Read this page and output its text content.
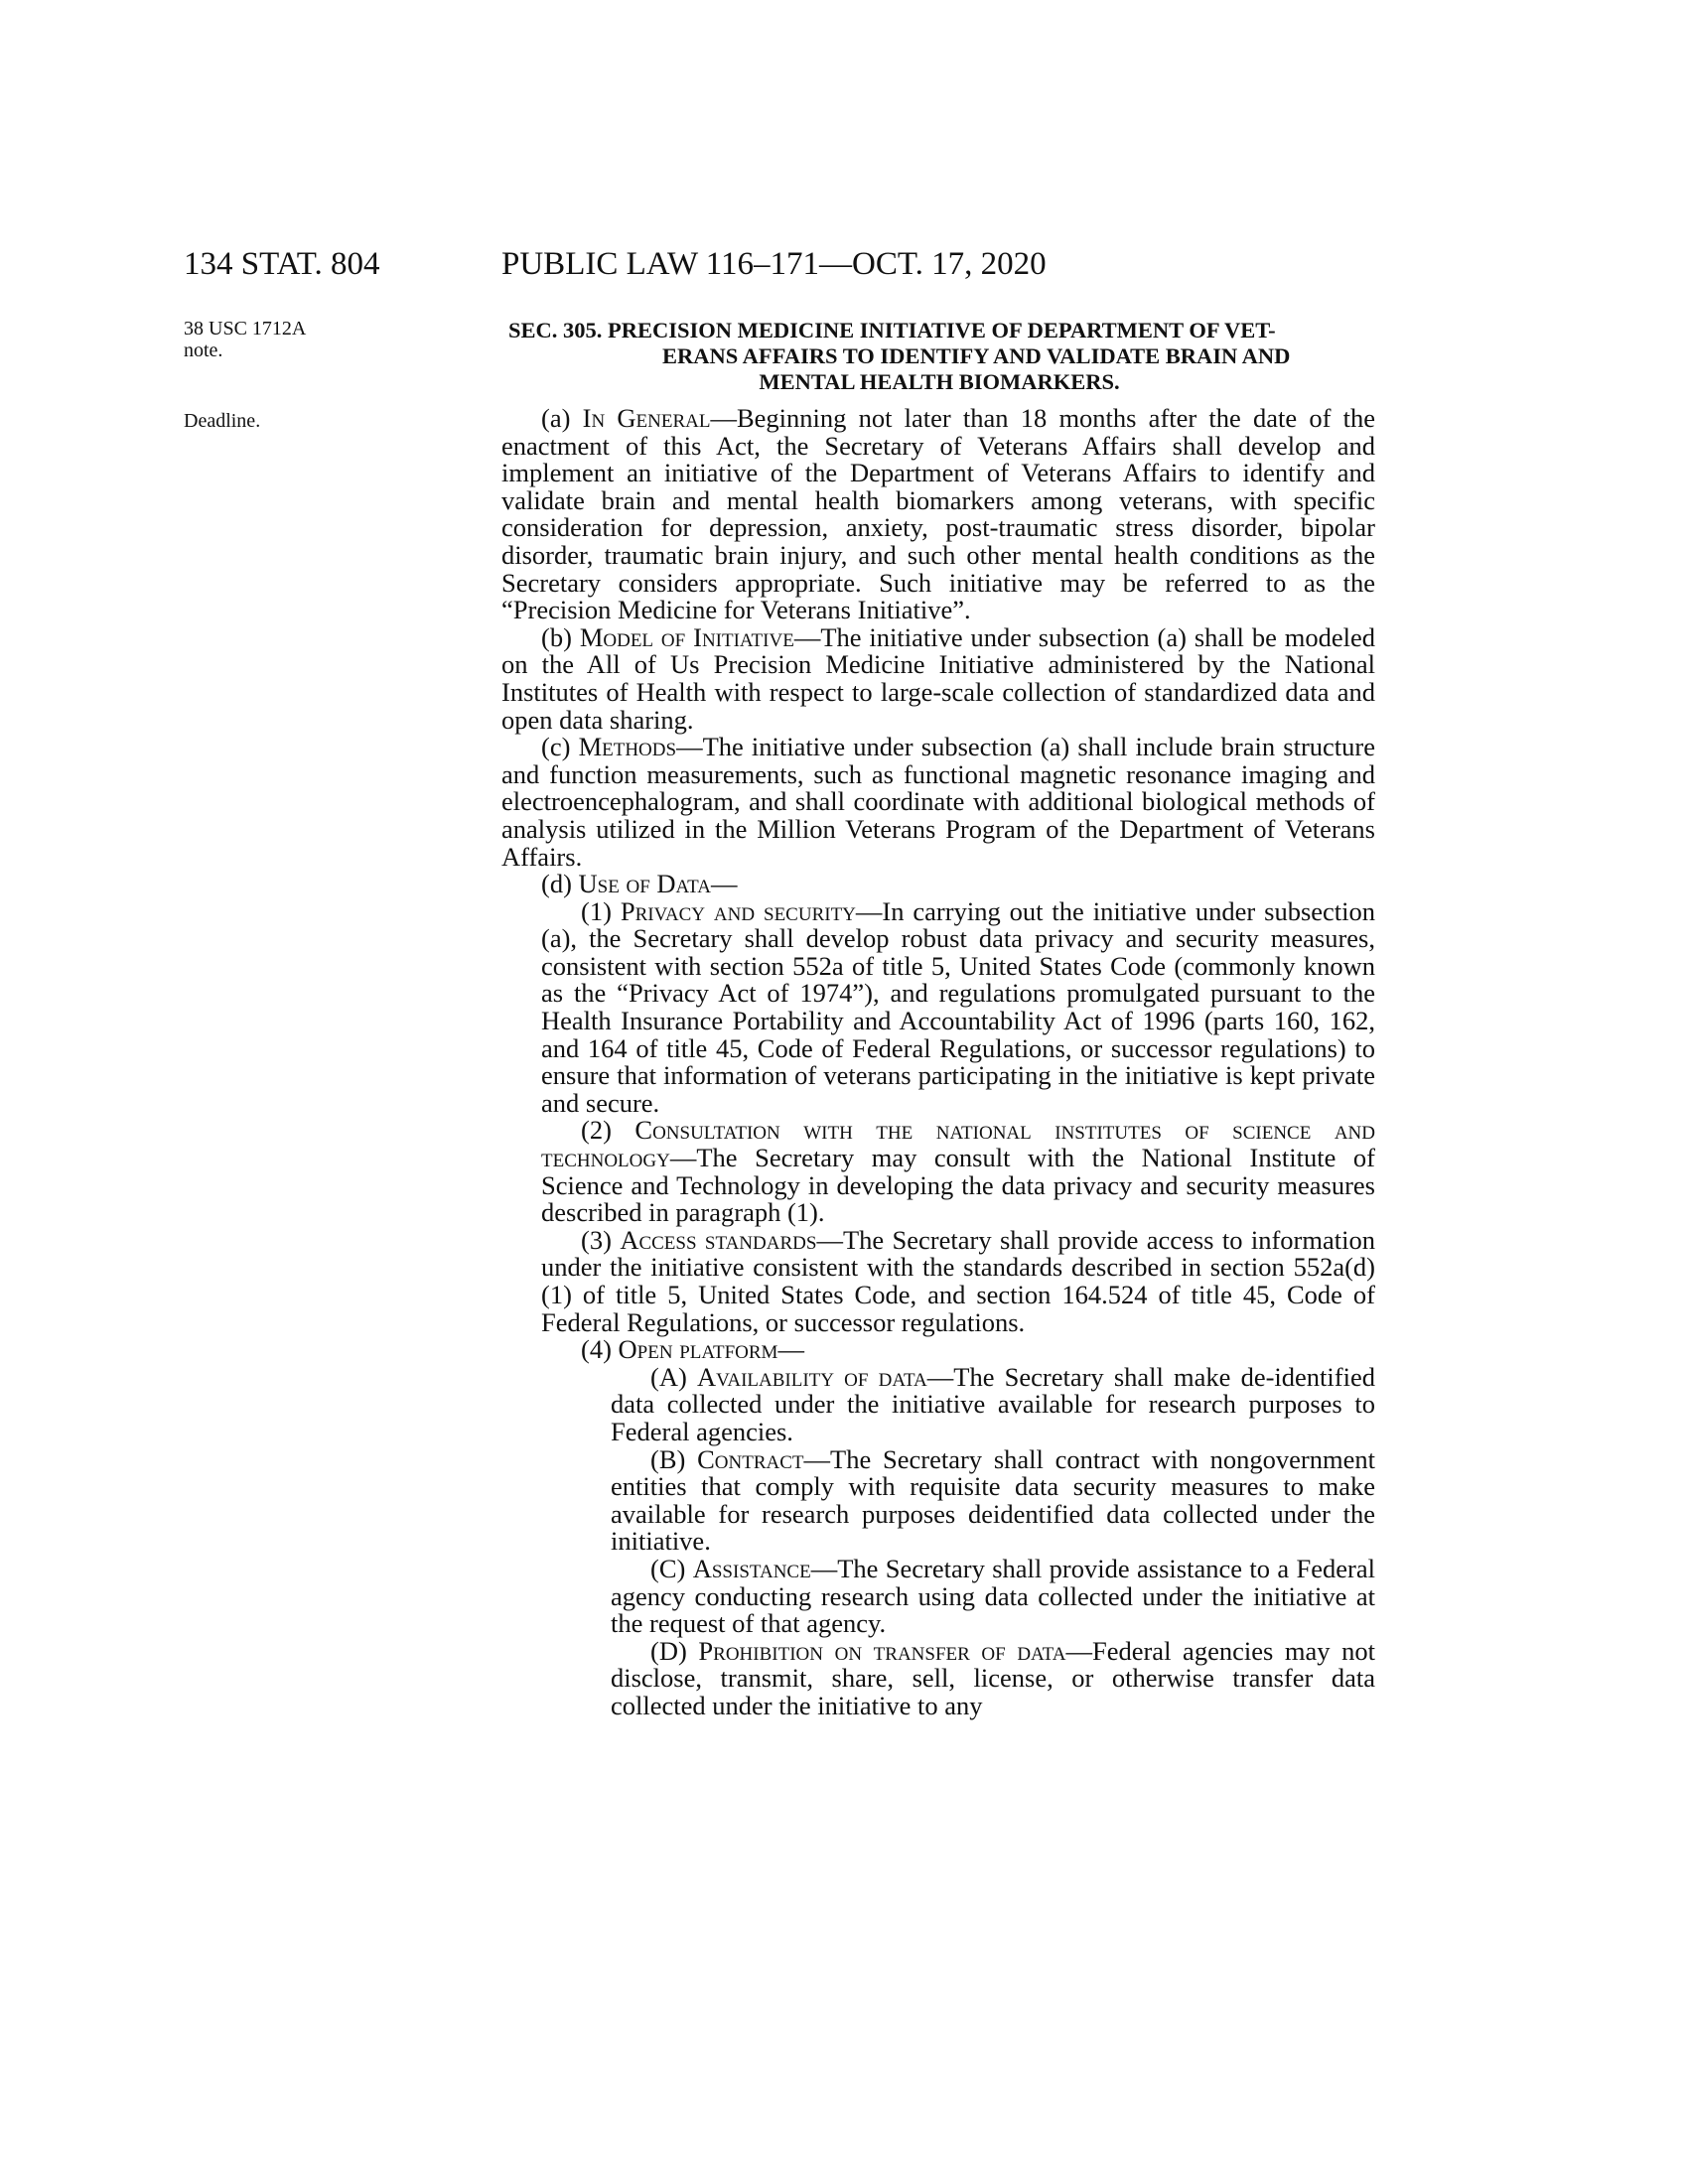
134 STAT. 804	PUBLIC LAW 116–171—OCT. 17, 2020
38 USC 1712A
note.
Deadline.
SEC. 305. PRECISION MEDICINE INITIATIVE OF DEPARTMENT OF VET-
ERANS AFFAIRS TO IDENTIFY AND VALIDATE BRAIN AND
MENTAL HEALTH BIOMARKERS.

(a) In General—Beginning not later than 18 months after the date of the enactment of this Act, the Secretary of Veterans Affairs shall develop and implement an initiative of the Department of Veterans Affairs to identify and validate brain and mental health biomarkers among veterans, with specific consideration for depression, anxiety, post-traumatic stress disorder, bipolar disorder, traumatic brain injury, and such other mental health conditions as the Secretary considers appropriate. Such initiative may be referred to as the “Precision Medicine for Veterans Initiative”.

(b) Model of Initiative—The initiative under subsection (a) shall be modeled on the All of Us Precision Medicine Initiative administered by the National Institutes of Health with respect to large-scale collection of standardized data and open data sharing.

(c) Methods—The initiative under subsection (a) shall include brain structure and function measurements, such as functional magnetic resonance imaging and electroencephalogram, and shall coordinate with additional biological methods of analysis utilized in the Million Veterans Program of the Department of Veterans Affairs.

(d) Use of Data—

(1) Privacy and security—In carrying out the initiative under subsection (a), the Secretary shall develop robust data privacy and security measures, consistent with section 552a of title 5, United States Code (commonly known as the “Privacy Act of 1974”), and regulations promulgated pursuant to the Health Insurance Portability and Accountability Act of 1996 (parts 160, 162, and 164 of title 45, Code of Federal Regulations, or successor regulations) to ensure that information of veterans participating in the initiative is kept private and secure.

(2) Consultation with the national institutes of science and technology—The Secretary may consult with the National Institute of Science and Technology in developing the data privacy and security measures described in paragraph (1).

(3) Access standards—The Secretary shall provide access to information under the initiative consistent with the standards described in section 552a(d)(1) of title 5, United States Code, and section 164.524 of title 45, Code of Federal Regulations, or successor regulations.

(4) Open platform—

(A) Availability of data—The Secretary shall make de-identified data collected under the initiative available for research purposes to Federal agencies.

(B) Contract—The Secretary shall contract with nongovernment entities that comply with requisite data security measures to make available for research purposes deidentified data collected under the initiative.

(C) Assistance—The Secretary shall provide assistance to a Federal agency conducting research using data collected under the initiative at the request of that agency.

(D) Prohibition on transfer of data—Federal agencies may not disclose, transmit, share, sell, license, or otherwise transfer data collected under the initiative to any
